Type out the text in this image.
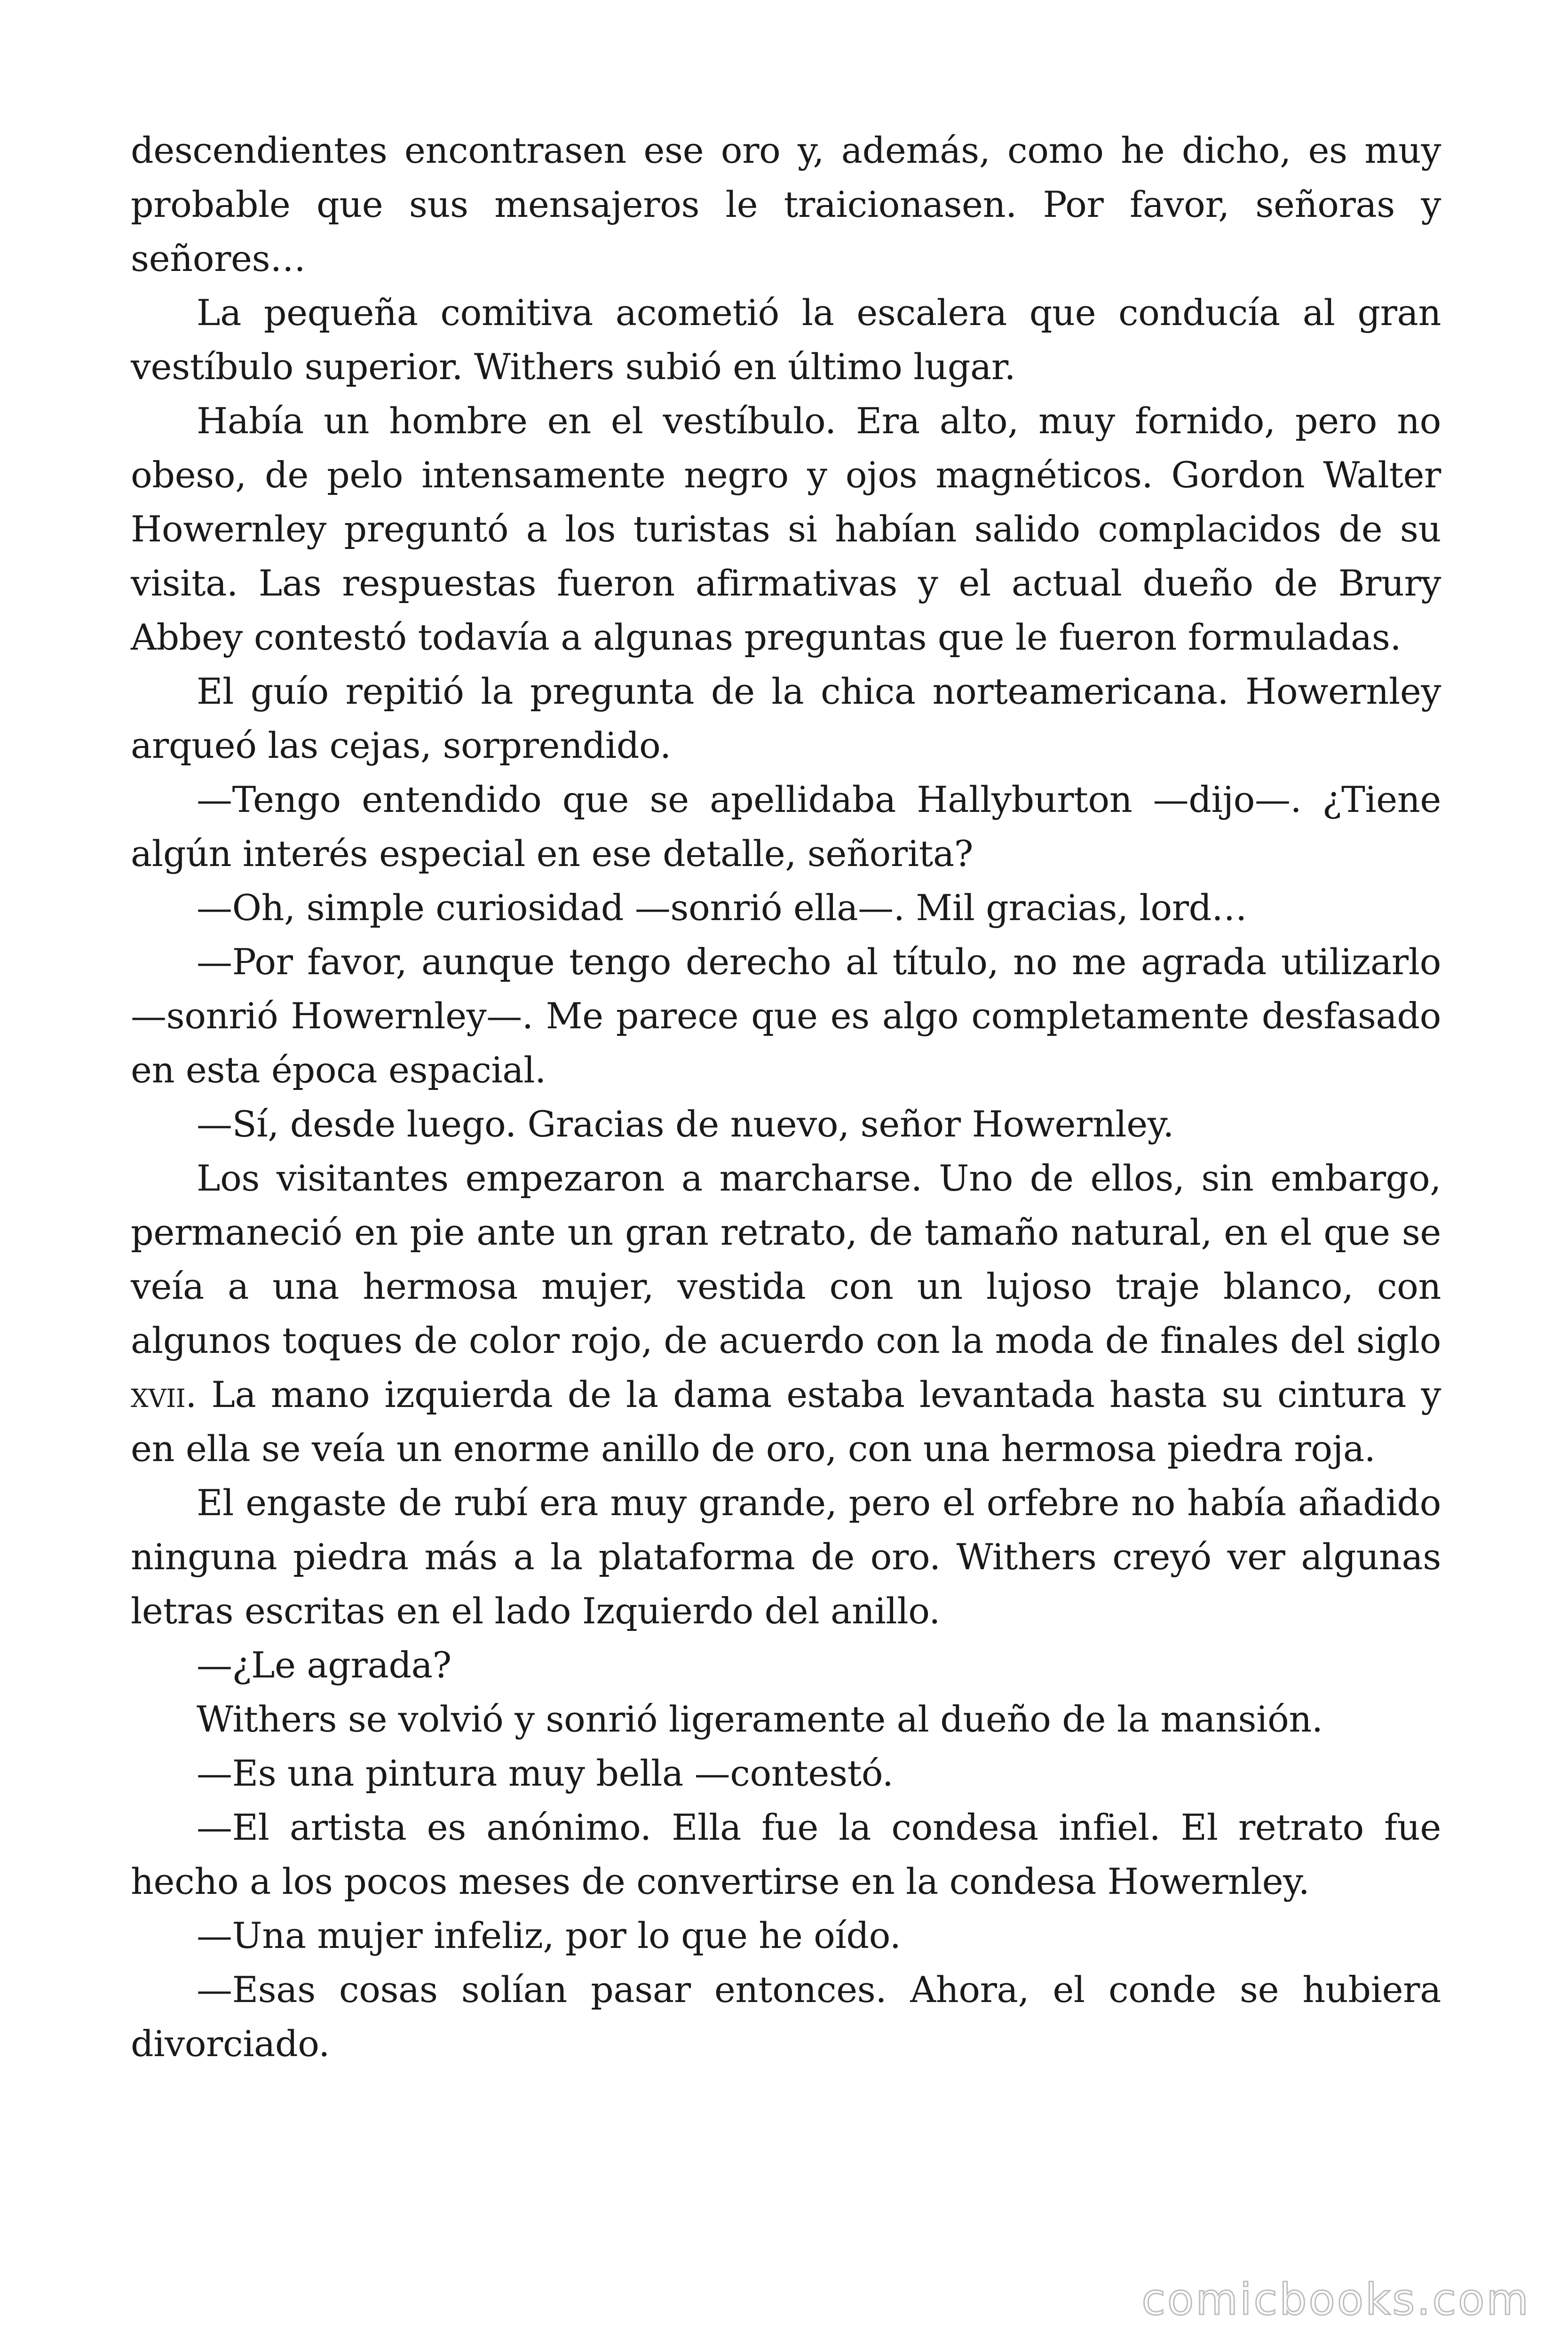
descendientes encontrasen ese oro y, además, como he dicho, es muy probable que sus mensajeros le traicionasen. Por favor, señoras y señores…

La pequeña comitiva acometió la escalera que conducía al gran vestíbulo superior. Withers subió en último lugar.

Había un hombre en el vestíbulo. Era alto, muy fornido, pero no obeso, de pelo intensamente negro y ojos magnéticos. Gordon Walter Howernley preguntó a los turistas si habían salido complacidos de su visita. Las respuestas fueron afirmativas y el actual dueño de Brury Abbey contestó todavía a algunas preguntas que le fueron formuladas.

El guío repitió la pregunta de la chica norteamericana. Howernley arqueó las cejas, sorprendido.

—Tengo entendido que se apellidaba Hallyburton —dijo—. ¿Tiene algún interés especial en ese detalle, señorita?

—Oh, simple curiosidad —sonrió ella—. Mil gracias, lord…

—Por favor, aunque tengo derecho al título, no me agrada utilizarlo —sonrió Howernley—. Me parece que es algo completamente desfasado en esta época espacial.

—Sí, desde luego. Gracias de nuevo, señor Howernley.

Los visitantes empezaron a marcharse. Uno de ellos, sin embargo, permaneció en pie ante un gran retrato, de tamaño natural, en el que se veía a una hermosa mujer, vestida con un lujoso traje blanco, con algunos toques de color rojo, de acuerdo con la moda de finales del siglo xvii. La mano izquierda de la dama estaba levantada hasta su cintura y en ella se veía un enorme anillo de oro, con una hermosa piedra roja.

El engaste de rubí era muy grande, pero el orfebre no había añadido ninguna piedra más a la plataforma de oro. Withers creyó ver algunas letras escritas en el lado Izquierdo del anillo.

—¿Le agrada?

Withers se volvió y sonrió ligeramente al dueño de la mansión.

—Es una pintura muy bella —contestó.

—El artista es anónimo. Ella fue la condesa infiel. El retrato fue hecho a los pocos meses de convertirse en la condesa Howernley.

—Una mujer infeliz, por lo que he oído.

—Esas cosas solían pasar entonces. Ahora, el conde se hubiera divorciado.

comicbooks.com
